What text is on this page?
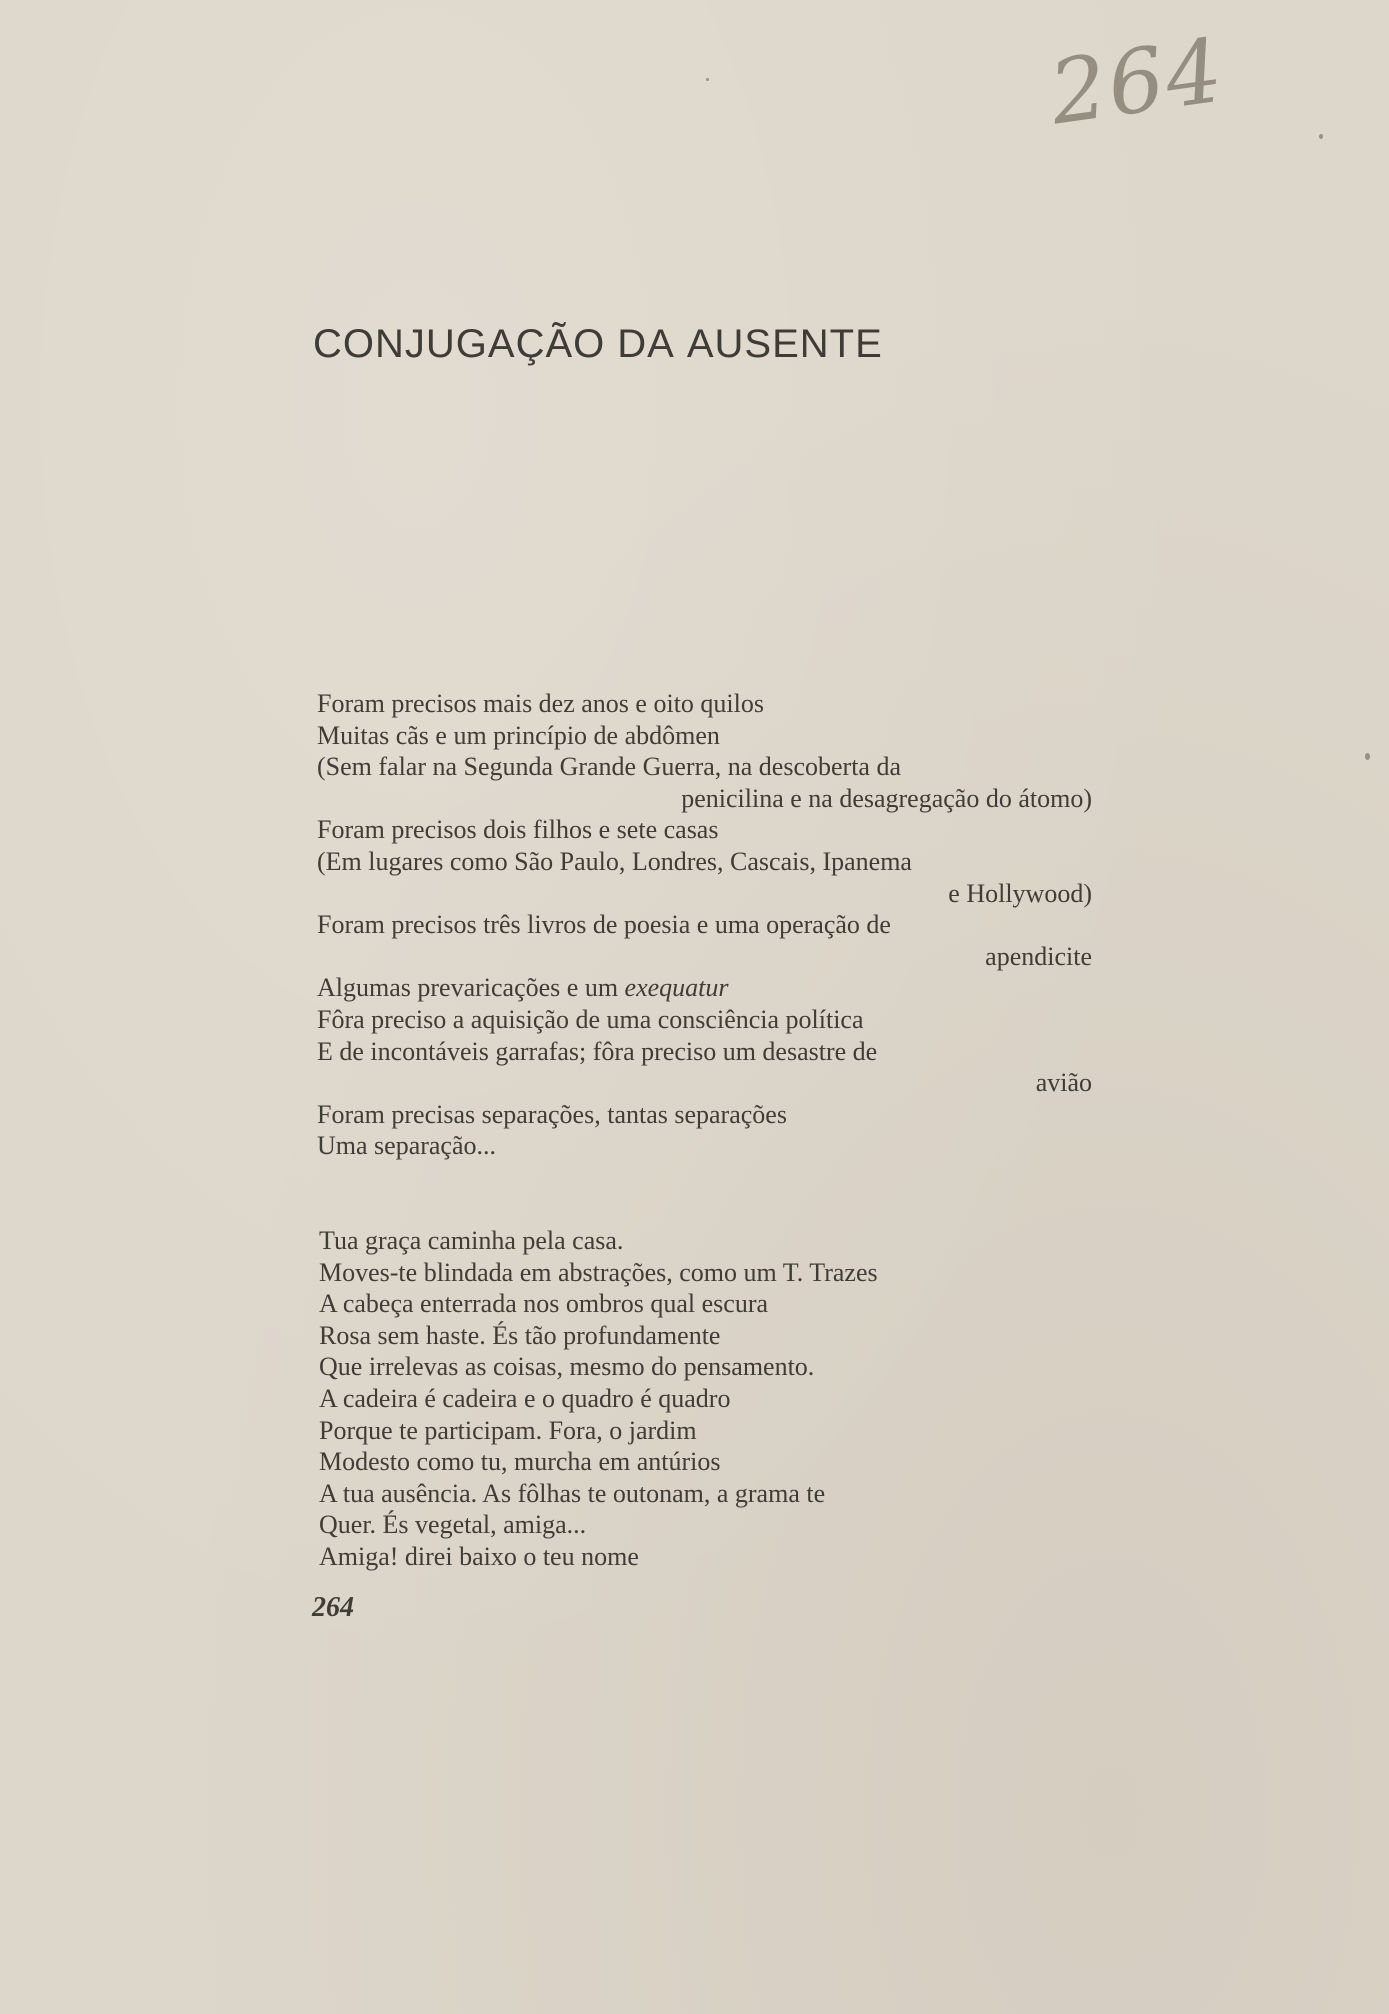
264
CONJUGAÇÃO DA AUSENTE
Foram precisos mais dez anos e oito quilos
Muitas cãs e um princípio de abdômen
(Sem falar na Segunda Grande Guerra, na descoberta da
penicilina e na desagregação do átomo)
Foram precisos dois filhos e sete casas
(Em lugares como São Paulo, Londres, Cascais, Ipanema
e Hollywood)
Foram precisos três livros de poesia e uma operação de
apendicite
Algumas prevaricações e um exequatur
Fôra preciso a aquisição de uma consciência política
E de incontáveis garrafas; fôra preciso um desastre de
avião
Foram precisas separações, tantas separações
Uma separação...
Tua graça caminha pela casa.
Moves-te blindada em abstrações, como um T. Trazes
A cabeça enterrada nos ombros qual escura
Rosa sem haste. És tão profundamente
Que irrelevas as coisas, mesmo do pensamento.
A cadeira é cadeira e o quadro é quadro
Porque te participam. Fora, o jardim
Modesto como tu, murcha em antúrios
A tua ausência. As fôlhas te outonam, a grama te
Quer. És vegetal, amiga...
Amiga! direi baixo o teu nome
264
